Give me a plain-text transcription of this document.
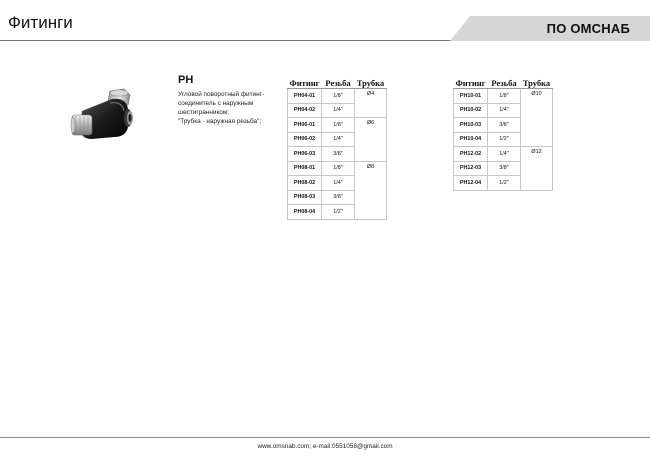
Фитинги	ПО ОМСНАБ
PH
Угловой поворотный фитинг-
соединитель с наружным
шестигранником;
"Трубка - наружная резьба";
Фитинг	Резьба	Трубка
PH04-01	1/8"	Ø4
PH04-02	1/4"	
PH06-01	1/8"	Ø6
PH06-02	1/4"	
PH06-03	3/8"	
PH08-01	1/8"	Ø8
PH08-02	1/4"	
PH08-03	3/8"	
PH08-04	1/2"	
Фитинг	Резьба	Трубка
PH10-01	1/8"	Ø10
PH10-02	1/4"	
PH10-03	3/8"	
PH10-04	1/2"	
PH12-02	1/4"	Ø12
PH12-03	3/8"	
PH12-04	1/2"	
www.omsnab.com; e-mail:0551058@gmail.com
